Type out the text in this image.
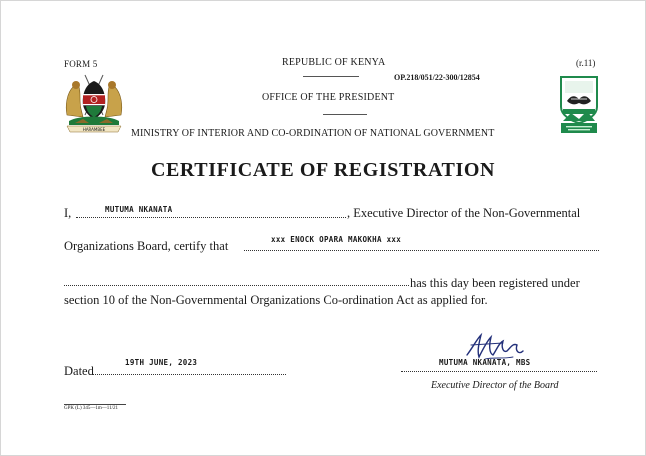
HARAMBEE
FORM 5	REPUBLIC OF KENYA	(r.11)
OP.218/051/22-300/12854
OFFICE OF THE PRESIDENT
MINISTRY OF INTERIOR AND CO-ORDINATION OF NATIONAL GOVERNMENT
CERTIFICATE OF REGISTRATION
I,	MUTUMA NKANATA	, Executive Director of the Non-Governmental
Organizations Board, certify that	xxx ENOCK OPARA MAKOKHA xxx
has this day been registered under
section 10 of the Non-Governmental Organizations Co-ordination Act as applied for.
Dated
19TH JUNE, 2023	MUTUMA NKANATA, MBS
Executive Director of the Board
GPK (L) 345—1m—11/21
